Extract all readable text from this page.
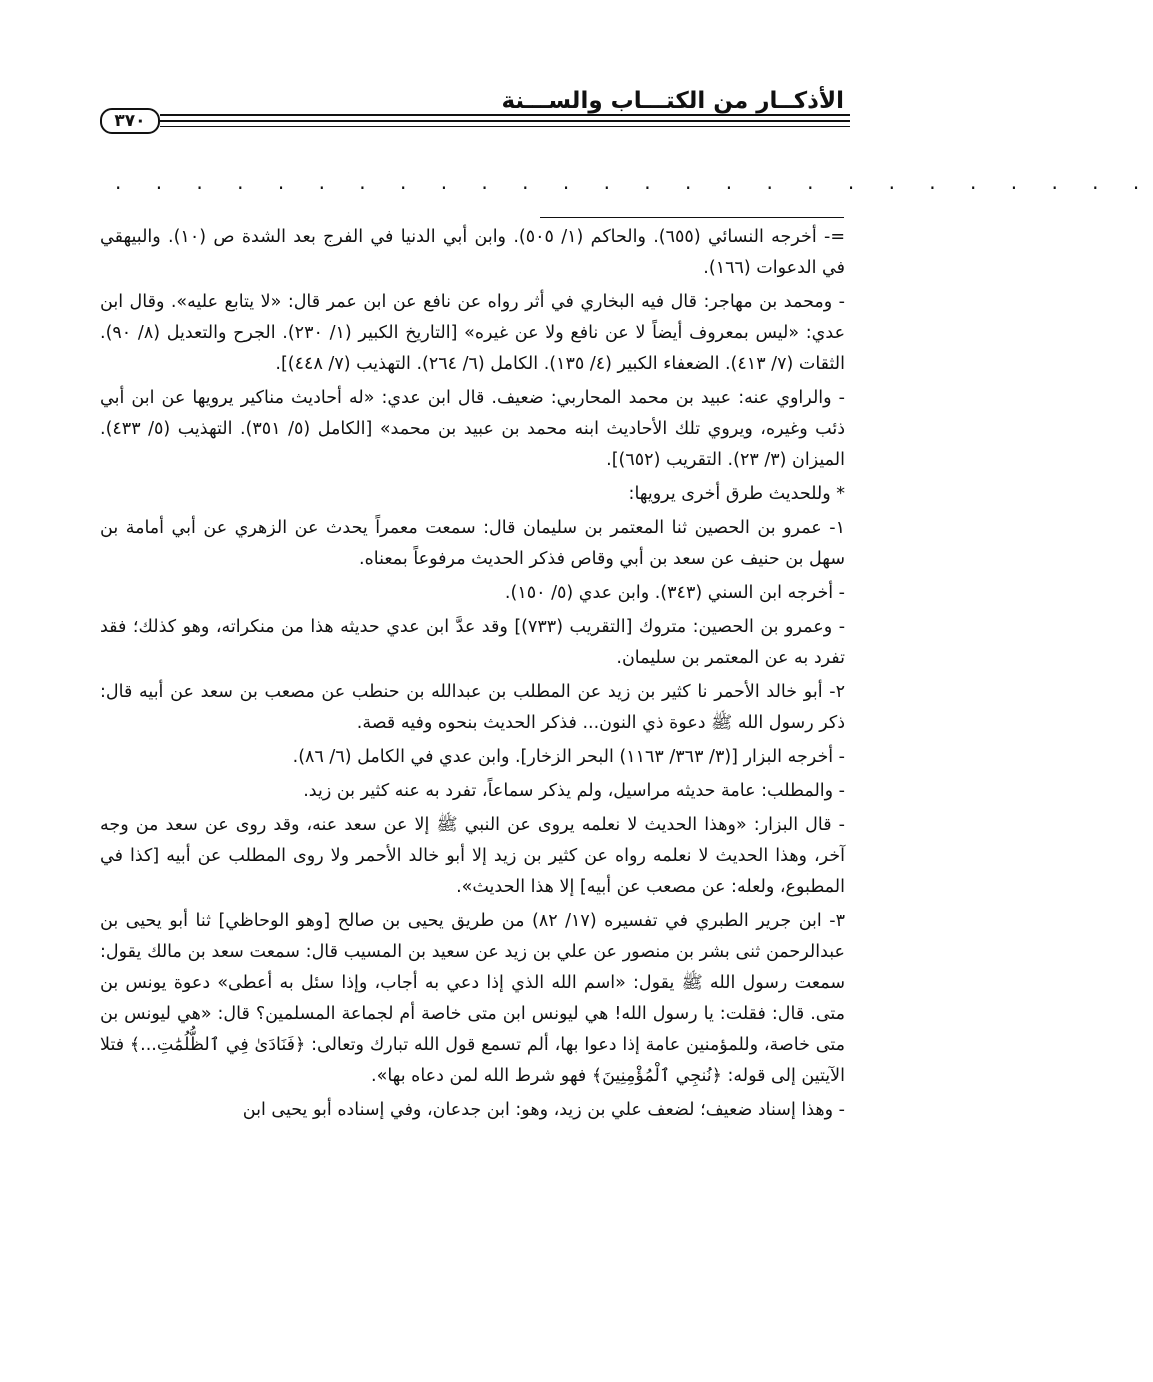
الأذكــار من الكتـــاب والســـنة
٣٧٠
. . . . . . . . . . . . . . . . . . . . . . . . . .

=- أخرجه النسائي (٦٥٥). والحاكم (١/ ٥٠٥). وابن أبي الدنيا في الفرج بعد الشدة ص (١٠). والبيهقي في الدعوات (١٦٦).

- ومحمد بن مهاجر: قال فيه البخاري في أثر رواه عن نافع عن ابن عمر قال: «لا يتابع عليه». وقال ابن عدي: «ليس بمعروف أيضاً لا عن نافع ولا عن غيره» [التاريخ الكبير (١/ ٢٣٠). الجرح والتعديل (٨/ ٩٠). الثقات (٧/ ٤١٣). الضعفاء الكبير (٤/ ١٣٥). الكامل (٦/ ٢٦٤). التهذيب (٧/ ٤٤٨)].

- والراوي عنه: عبيد بن محمد المحاربي: ضعيف. قال ابن عدي: «له أحاديث مناكير يرويها عن ابن أبي ذئب وغيره، ويروي تلك الأحاديث ابنه محمد بن عبيد بن محمد» [الكامل (٥/ ٣٥١). التهذيب (٥/ ٤٣٣). الميزان (٣/ ٢٣). التقريب (٦٥٢)].

* وللحديث طرق أخرى يرويها:

١- عمرو بن الحصين ثنا المعتمر بن سليمان قال: سمعت معمراً يحدث عن الزهري عن أبي أمامة بن سهل بن حنيف عن سعد بن أبي وقاص فذكر الحديث مرفوعاً بمعناه.

- أخرجه ابن السني (٣٤٣). وابن عدي (٥/ ١٥٠).

- وعمرو بن الحصين: متروك [التقريب (٧٣٣)] وقد عدَّ ابن عدي حديثه هذا من منكراته، وهو كذلك؛ فقد تفرد به عن المعتمر بن سليمان.

٢- أبو خالد الأحمر نا كثير بن زيد عن المطلب بن عبدالله بن حنطب عن مصعب بن سعد عن أبيه قال: ذكر رسول الله ﷺ دعوة ذي النون... فذكر الحديث بنحوه وفيه قصة.

- أخرجه البزار [(٣/ ٣٦٣/ ١١٦٣) البحر الزخار]. وابن عدي في الكامل (٦/ ٨٦).

- والمطلب: عامة حديثه مراسيل، ولم يذكر سماعاً، تفرد به عنه كثير بن زيد.

- قال البزار: «وهذا الحديث لا نعلمه يروى عن النبي ﷺ إلا عن سعد عنه، وقد روى عن سعد من وجه آخر، وهذا الحديث لا نعلمه رواه عن كثير بن زيد إلا أبو خالد الأحمر ولا روى المطلب عن أبيه [كذا في المطبوع، ولعله: عن مصعب عن أبيه] إلا هذا الحديث».

٣- ابن جرير الطبري في تفسيره (١٧/ ٨٢) من طريق يحيى بن صالح [وهو الوحاظي] ثنا أبو يحيى بن عبدالرحمن ثنى بشر بن منصور عن علي بن زيد عن سعيد بن المسيب قال: سمعت سعد بن مالك يقول: سمعت رسول الله ﷺ يقول: «اسم الله الذي إذا دعي به أجاب، وإذا سئل به أعطى» دعوة يونس بن متى. قال: فقلت: يا رسول الله! هي ليونس ابن متى خاصة أم لجماعة المسلمين؟ قال: «هي ليونس بن متى خاصة، وللمؤمنين عامة إذا دعوا بها، ألم تسمع قول الله تبارك وتعالى: ﴿فَنَادَىٰ فِي ٱلظُّلُمَٰتِ...﴾ فتلا الآيتين إلى قوله: ﴿نُنجِي ٱلْمُؤْمِنِينَ﴾ فهو شرط الله لمن دعاه بها».

- وهذا إسناد ضعيف؛ لضعف علي بن زيد، وهو: ابن جدعان، وفي إسناده أبو يحيى ابن
